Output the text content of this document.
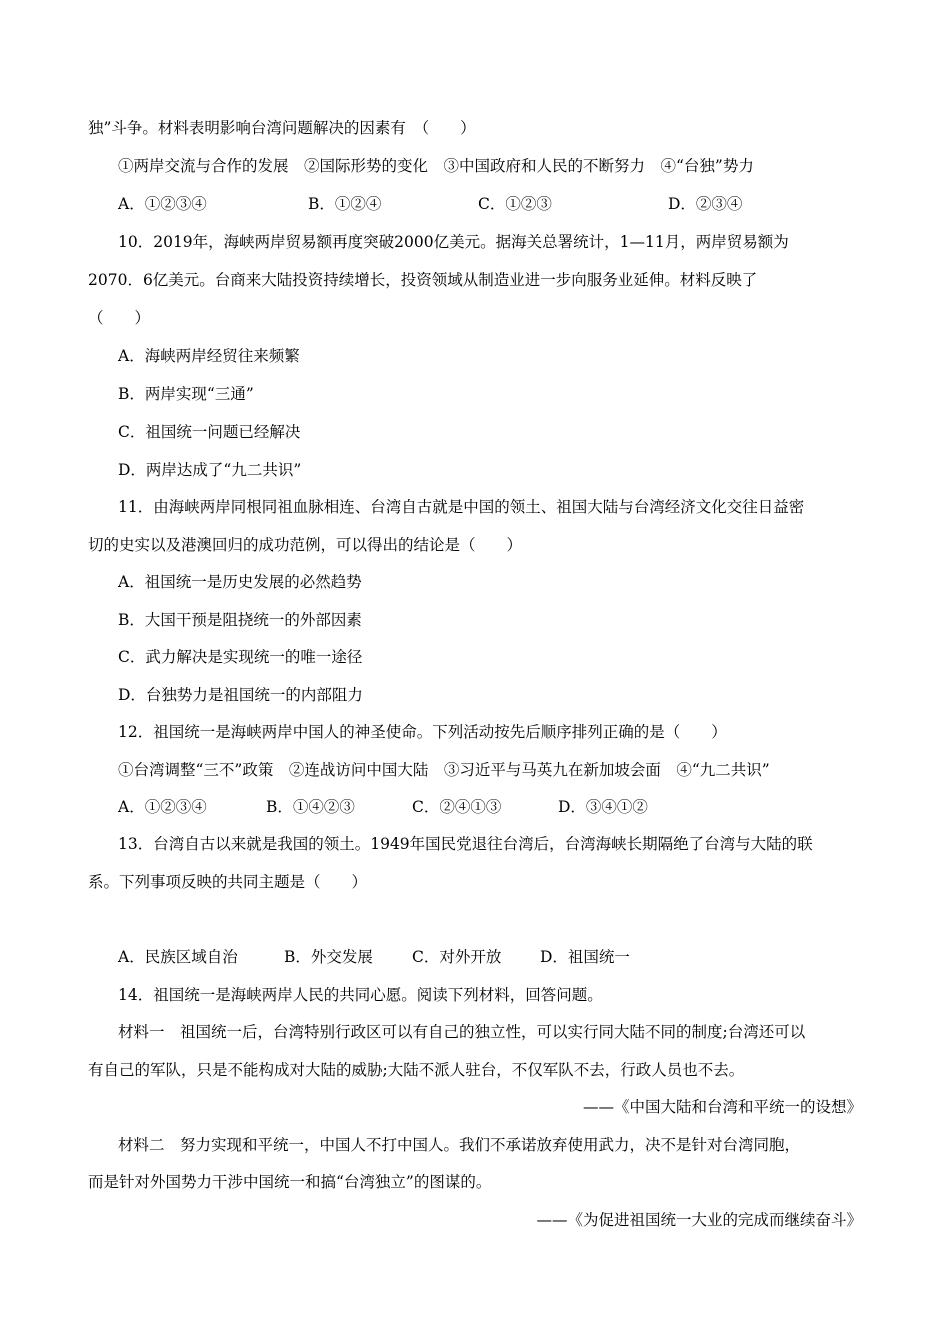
独”斗争。材料表明影响台湾问题解决的因素有　（　　）
①两岸交流与合作的发展　②国际形势的变化　③中国政府和人民的不断努力　④“台独”势力
A．①②③④	B．①②④	C．①②③	D．②③④
10．2019年，海峡两岸贸易额再度突破2000亿美元。据海关总署统计，1—11月，两岸贸易额为
2070．6亿美元。台商来大陆投资持续增长，投资领域从制造业进一步向服务业延伸。材料反映了
（　　）
A．海峡两岸经贸往来频繁
B．两岸实现“三通”
C．祖国统一问题已经解决
D．两岸达成了“九二共识”
11．由海峡两岸同根同祖血脉相连、台湾自古就是中国的领土、祖国大陆与台湾经济文化交往日益密
切的史实以及港澳回归的成功范例，可以得出的结论是（　　）
A．祖国统一是历史发展的必然趋势
B．大国干预是阻挠统一的外部因素
C．武力解决是实现统一的唯一途径
D．台独势力是祖国统一的内部阻力
12．祖国统一是海峡两岸中国人的神圣使命。下列活动按先后顺序排列正确的是（　　）
①台湾调整“三不”政策　②连战访问中国大陆　③习近平与马英九在新加坡会面　④“九二共识”
A．①②③④	B．①④②③	C．②④①③	D．③④①②
13．台湾自古以来就是我国的领土。1949年国民党退往台湾后，台湾海峡长期隔绝了台湾与大陆的联
系。下列事项反映的共同主题是（　　）
A．民族区域自治	B．外交发展	C．对外开放 D．祖国统一
14．祖国统一是海峡两岸人民的共同心愿。阅读下列材料，回答问题。
材料一　祖国统一后，台湾特别行政区可以有自己的独立性，可以实行同大陆不同的制度;台湾还可以
有自己的军队，只是不能构成对大陆的威胁;大陆不派人驻台，不仅军队不去，行政人员也不去。
——《中国大陆和台湾和平统一的设想》
材料二　努力实现和平统一，中国人不打中国人。我们不承诺放弃使用武力，决不是针对台湾同胞，
而是针对外国势力干涉中国统一和搞“台湾独立”的图谋的。
——《为促进祖国统一大业的完成而继续奋斗》
